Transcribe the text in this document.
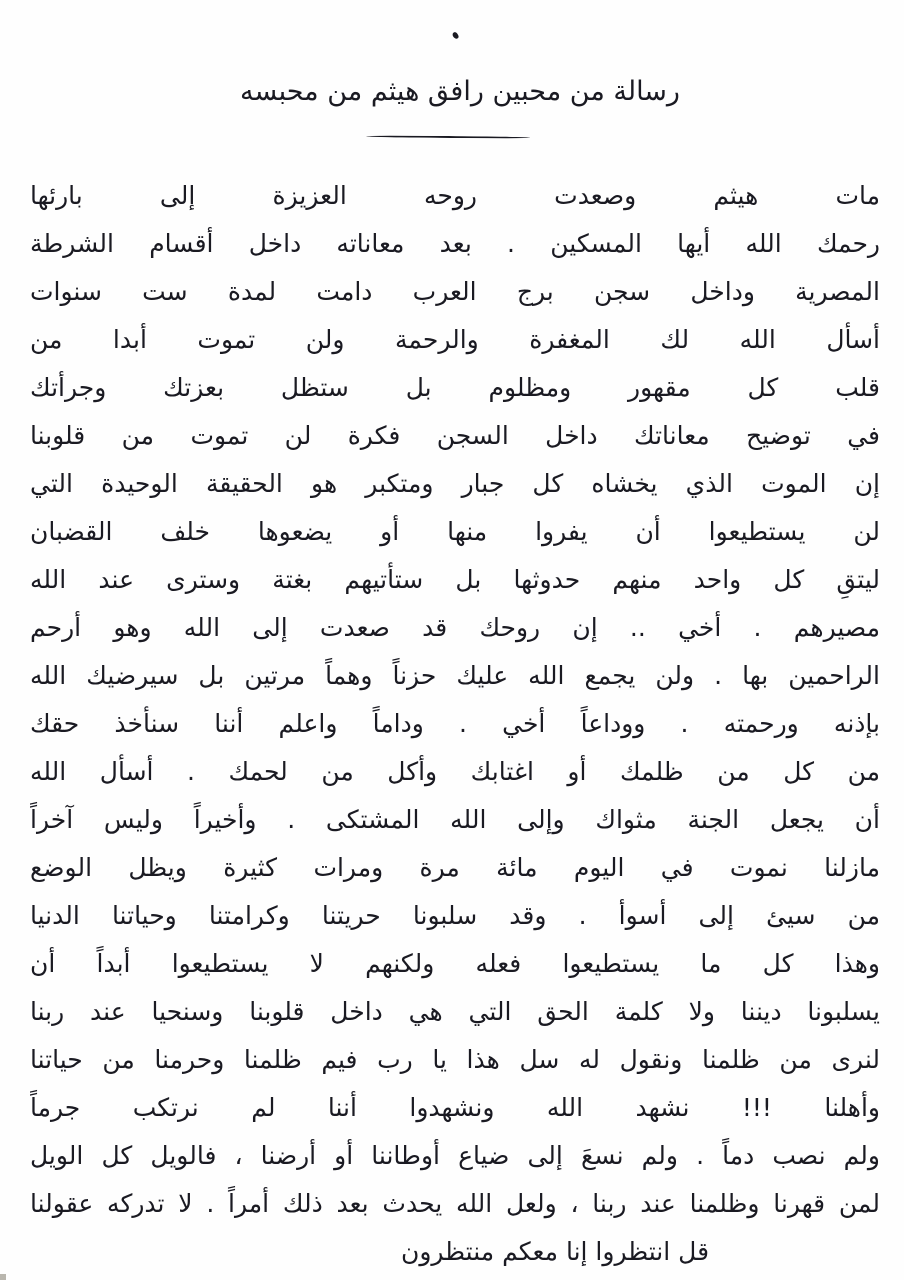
رسالة من محبين رافق هيثم من محبسه
مات هيثم وصعدت روحه العزيزة إلى بارئها
رحمك الله أيها المسكين . بعد معاناته داخل أقسام الشرطة
المصرية وداخل سجن برج العرب دامت لمدة ست سنوات
أسأل الله لك المغفرة والرحمة ولن تموت أبدا من
قلب كل مقهور ومظلوم بل ستظل بعزتك وجرأتك
في توضيح معاناتك داخل السجن فكرة لن تموت من قلوبنا
إن الموت الذي يخشاه كل جبار ومتكبر هو الحقيقة الوحيدة التي
لن يستطيعوا أن يفروا منها أو يضعوها خلف القضبان
ليتقِ كل واحد منهم حدوثها بل ستأتيهم بغتة وسترى عند الله
مصيرهم . أخي .. إن روحك قد صعدت إلى الله وهو أرحم
الراحمين بها . ولن يجمع الله عليك حزناً وهماً مرتين بل سيرضيك الله
بإذنه ورحمته . ووداعاً أخي . وداماً واعلم أننا سنأخذ حقك
من كل من ظلمك أو اغتابك وأكل من لحمك . أسأل الله
أن يجعل الجنة مثواك وإلى الله المشتكى . وأخيراً وليس آخراً
مازلنا نموت في اليوم مائة مرة ومرات كثيرة ويظل الوضع
من سيئ إلى أسوأ . وقد سلبونا حريتنا وكرامتنا وحياتنا الدنيا
وهذا كل ما يستطيعوا فعله ولكنهم لا يستطيعوا أبداً أن
يسلبونا ديننا ولا كلمة الحق التي هي داخل قلوبنا وسنحيا عند ربنا
لنرى من ظلمنا ونقول له سل هذا يا رب فيم ظلمنا وحرمنا من حياتنا
وأهلنا !!! نشهد الله ونشهدوا أننا لم نرتكب جرماً
ولم نصب دماً . ولم نسعَ إلى ضياع أوطاننا أو أرضنا ، فالويل كل الويل
لمن قهرنا وظلمنا عند ربنا ، ولعل الله يحدث بعد ذلك أمراً . لا تدركه عقولنا
قل انتظروا إنا معكم منتظرون
